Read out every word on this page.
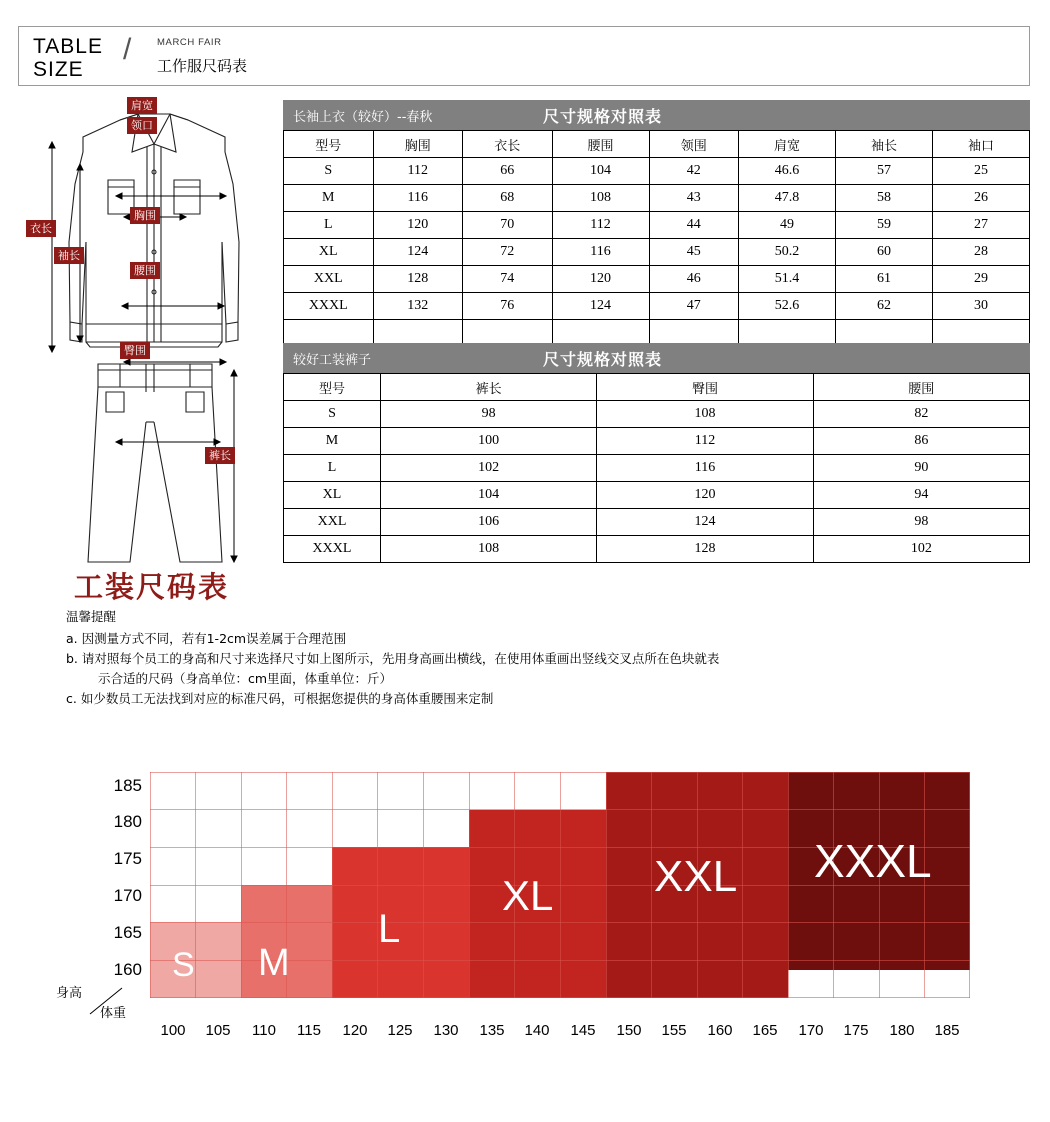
TABLE
SIZE
/	MARCH FAIR
工作服尺码表
肩宽
领口
胸围
衣长
袖长
腰围
臀围
裤长
长袖上衣（较好）--春秋	尺寸规格对照表
型号	胸围	衣长	腰围	领围	肩宽	袖长	袖口
S	112	66	104	42	46.6	57	25
M	116	68	108	43	47.8	58	26
L	120	70	112	44	49	59	27
XL	124	72	116	45	50.2	60	28
XXL	128	74	120	46	51.4	61	29
XXXL	132	76	124	47	52.6	62	30

较好工装裤子	尺寸规格对照表
型号	裤长	臀围	腰围
S	98	108	82
M	100	112	86
L	102	116	90
XL	104	120	94
XXL	106	124	98
XXXL	108	128	102
工装尺码表
温馨提醒
a. 因测量方式不同，若有1-2cm误差属于合理范围
b. 请对照每个员工的身高和尺寸来选择尺寸如上图所示，先用身高画出横线，在使用体重画出竖线交叉点所在色块就表
示合适的尺码（身高单位：cm里面，体重单位：斤）
c. 如少数员工无法找到对应的标准尺码，可根据您提供的身高体重腰围来定制
185
180
175
170
165
160 S M
L
XL XXL XXXL
身高
体重
100	105	110	115	120	125	130	135	140	145	150	155	160	165	170	175	180	185
